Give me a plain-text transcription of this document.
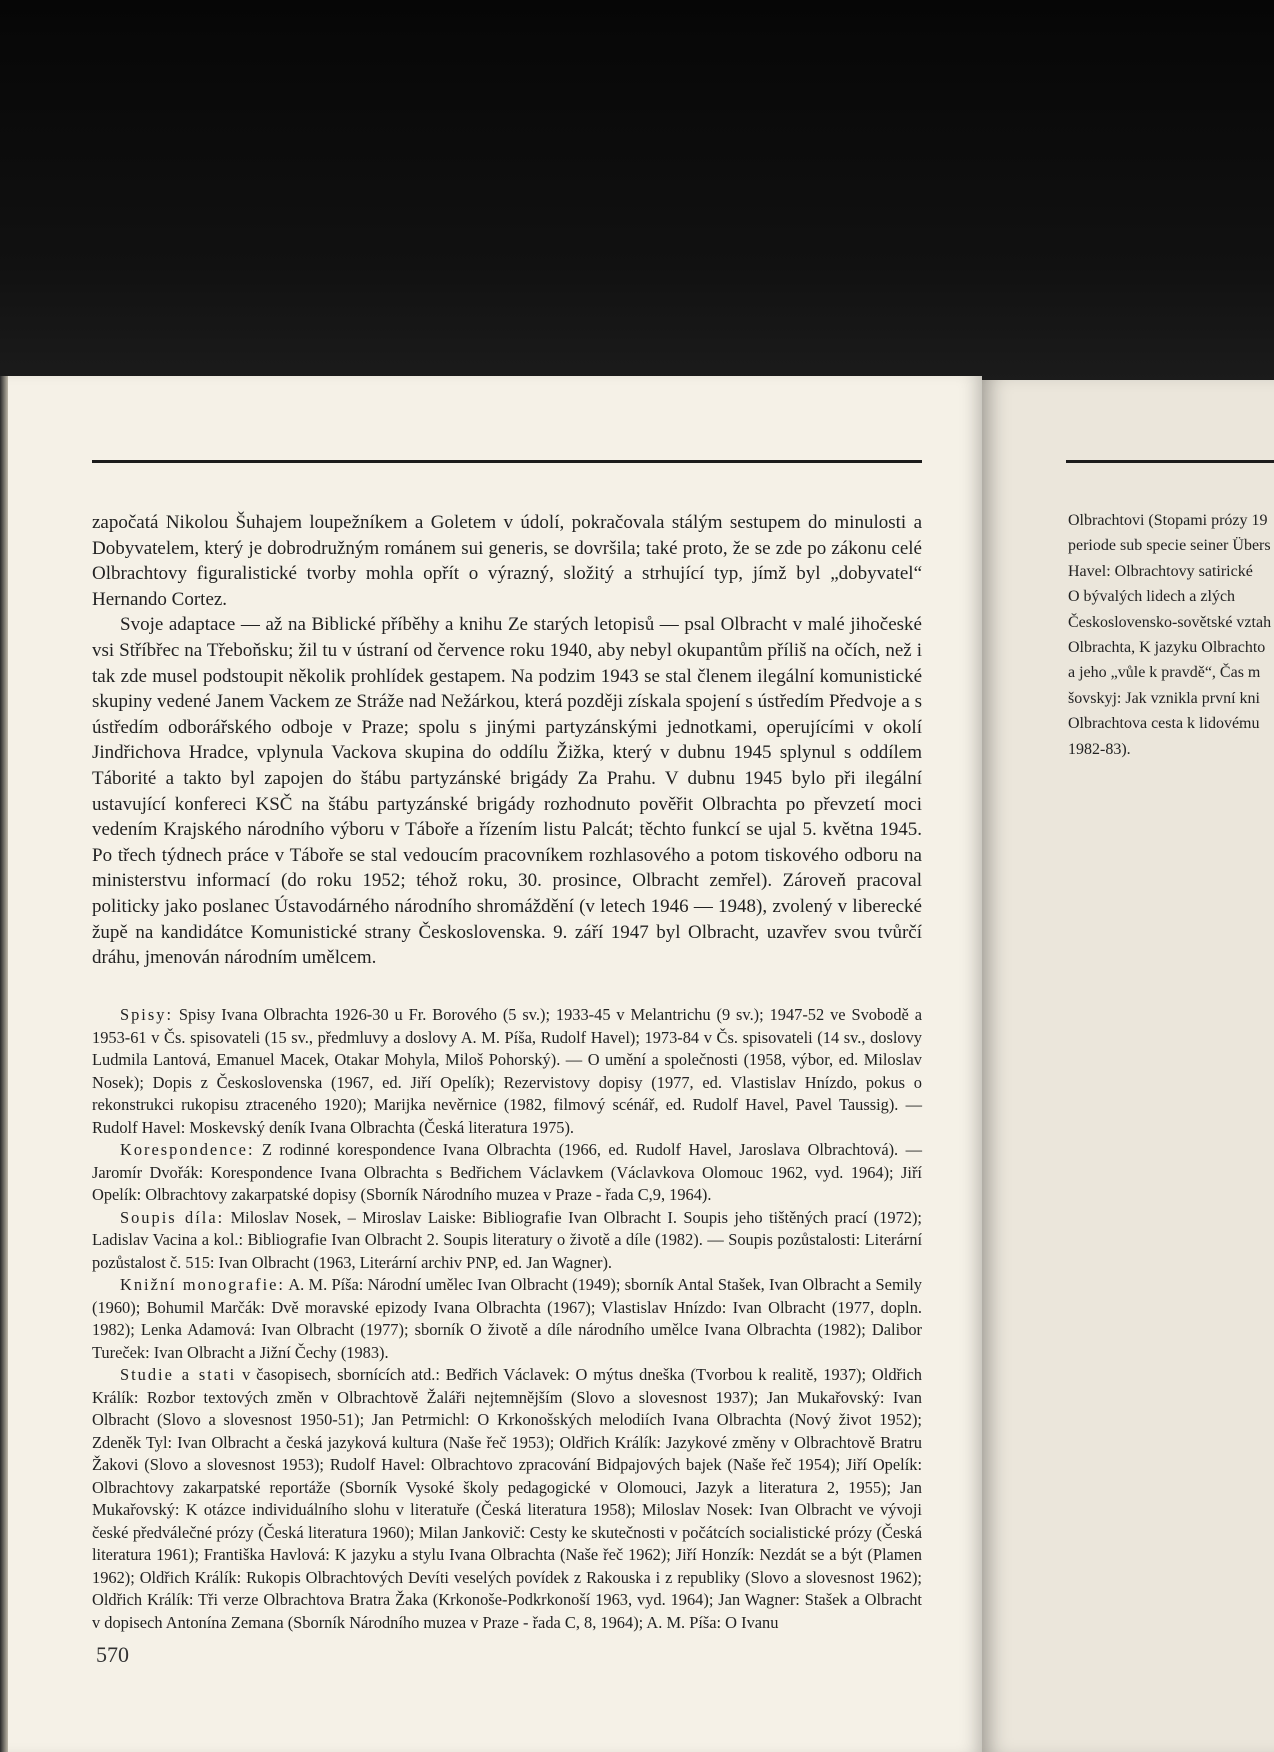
započatá Nikolou Šuhajem loupežníkem a Goletem v údolí, pokračovala stálým sestupem do minulosti a Dobyvatelem, který je dobrodružným románem sui generis, se dovršila; také proto, že se zde po zákonu celé Olbrachtovy figuralistické tvorby mohla opřít o výrazný, složitý a strhující typ, jímž byl „dobyvatel“ Hernando Cortez.

Svoje adaptace — až na Biblické příběhy a knihu Ze starých letopisů — psal Olbracht v malé jihočeské vsi Stříbřec na Třeboňsku; žil tu v ústraní od července roku 1940, aby nebyl okupantům příliš na očích, než i tak zde musel podstoupit několik prohlídek gestapem. Na podzim 1943 se stal členem ilegální komunistické skupiny vedené Janem Vackem ze Stráže nad Nežárkou, která později získala spojení s ústředím Předvoje a s ústředím odborářského odboje v Praze; spolu s jinými partyzánskými jednotkami, operujícími v okolí Jindřichova Hradce, vplynula Vackova skupina do oddílu Žižka, který v dubnu 1945 splynul s oddílem Táborité a takto byl zapojen do štábu partyzánské brigády Za Prahu. V dubnu 1945 bylo při ilegální ustavující konfereci KSČ na štábu partyzánské brigády rozhodnuto pověřit Olbrachta po převzetí moci vedením Krajského národního výboru v Táboře a řízením listu Palcát; těchto funkcí se ujal 5. května 1945. Po třech týdnech práce v Táboře se stal vedoucím pracovníkem rozhlasového a potom tiskového odboru na ministerstvu informací (do roku 1952; téhož roku, 30. prosince, Olbracht zemřel). Zároveň pracoval politicky jako poslanec Ústavodárného národního shromáždění (v letech 1946 — 1948), zvolený v liberecké župě na kandidátce Komunistické strany Československa. 9. září 1947 byl Olbracht, uzavřev svou tvůrčí dráhu, jmenován národním umělcem.

Spisy: Spisy Ivana Olbrachta 1926-30 u Fr. Borového (5 sv.); 1933-45 v Melantrichu (9 sv.); 1947-52 ve Svobodě a 1953-61 v Čs. spisovateli (15 sv., předmluvy a doslovy A. M. Píša, Rudolf Havel); 1973-84 v Čs. spisovateli (14 sv., doslovy Ludmila Lantová, Emanuel Macek, Otakar Mohyla, Miloš Pohorský). — O umění a společnosti (1958, výbor, ed. Miloslav Nosek); Dopis z Československa (1967, ed. Jiří Opelík); Rezervistovy dopisy (1977, ed. Vlastislav Hnízdo, pokus o rekonstrukci rukopisu ztraceného 1920); Marijka nevěrnice (1982, filmový scénář, ed. Rudolf Havel, Pavel Taussig). — Rudolf Havel: Moskevský deník Ivana Olbrachta (Česká literatura 1975).

Korespondence: Z rodinné korespondence Ivana Olbrachta (1966, ed. Rudolf Havel, Jaroslava Olbrachtová). — Jaromír Dvořák: Korespondence Ivana Olbrachta s Bedřichem Václavkem (Václavkova Olomouc 1962, vyd. 1964); Jiří Opelík: Olbrachtovy zakarpatské dopisy (Sborník Národního muzea v Praze - řada C,9, 1964).

Soupis díla: Miloslav Nosek, – Miroslav Laiske: Bibliografie Ivan Olbracht I. Soupis jeho tištěných prací (1972); Ladislav Vacina a kol.: Bibliografie Ivan Olbracht 2. Soupis literatury o životě a díle (1982). — Soupis pozůstalosti: Literární pozůstalost č. 515: Ivan Olbracht (1963, Literární archiv PNP, ed. Jan Wagner).

Knižní monografie: A. M. Píša: Národní umělec Ivan Olbracht (1949); sborník Antal Stašek, Ivan Olbracht a Semily (1960); Bohumil Marčák: Dvě moravské epizody Ivana Olbrachta (1967); Vlastislav Hnízdo: Ivan Olbracht (1977, dopln. 1982); Lenka Adamová: Ivan Olbracht (1977); sborník O životě a díle národního umělce Ivana Olbrachta (1982); Dalibor Tureček: Ivan Olbracht a Jižní Čechy (1983).

Studie a stati v časopisech, sbornících atd.: Bedřich Václavek: O mýtus dneška (Tvorbou k realitě, 1937); Oldřich Králík: Rozbor textových změn v Olbrachtově Žaláři nejtemnějším (Slovo a slovesnost 1937); Jan Mukařovský: Ivan Olbracht (Slovo a slovesnost 1950-51); Jan Petrmichl: O Krkonošských melodiích Ivana Olbrachta (Nový život 1952); Zdeněk Tyl: Ivan Olbracht a česká jazyková kultura (Naše řeč 1953); Oldřich Králík: Jazykové změny v Olbrachtově Bratru Žakovi (Slovo a slovesnost 1953); Rudolf Havel: Olbrachtovo zpracování Bidpajových bajek (Naše řeč 1954); Jiří Opelík: Olbrachtovy zakarpatské reportáže (Sborník Vysoké školy pedagogické v Olomouci, Jazyk a literatura 2, 1955); Jan Mukařovský: K otázce individuálního slohu v literatuře (Česká literatura 1958); Miloslav Nosek: Ivan Olbracht ve vývoji české předválečné prózy (Česká literatura 1960); Milan Jankovič: Cesty ke skutečnosti v počátcích socialistické prózy (Česká literatura 1961); Františka Havlová: K jazyku a stylu Ivana Olbrachta (Naše řeč 1962); Jiří Honzík: Nezdát se a být (Plamen 1962); Oldřich Králík: Rukopis Olbrachtových Devíti veselých povídek z Rakouska i z republiky (Slovo a slovesnost 1962); Oldřich Králík: Tři verze Olbrachtova Bratra Žaka (Krkonoše-Podkrkonoší 1963, vyd. 1964); Jan Wagner: Stašek a Olbracht v dopisech Antonína Zemana (Sborník Národního muzea v Praze - řada C, 8, 1964); A. M. Píša: O Ivanu

Olbrachtovi (Stopami prózy 19
periode sub specie seiner Übers
Havel: Olbrachtovy satirické
O bývalých lidech a zlých
Československo-sovětské vztah
Olbrachta, K jazyku Olbrachto
a jeho „vůle k pravdě“, Čas m
šovskyj: Jak vznikla první kni
Olbrachtova cesta k lidovému
1982-83).
570
